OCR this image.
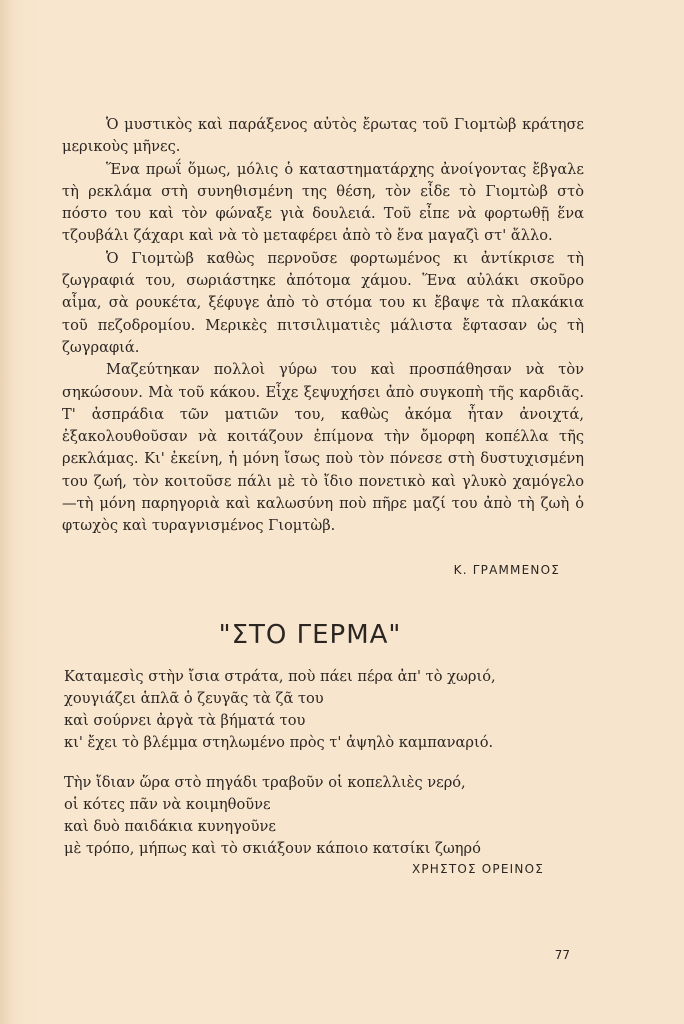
Ὁ μυστικὸς καὶ παράξενος αὐτὸς ἔρωτας τοῦ Γιομτὼβ κράτησε μερικοὺς μῆνες.

Ἕνα πρωΐ ὅμως, μόλις ὁ καταστηματάρχης ἀνοίγοντας ἔβγαλε τὴ ρεκλάμα στὴ συνηθισμένη της θέση, τὸν εἶδε τὸ Γιομτὼβ στὸ πόστο του καὶ τὸν φώναξε γιὰ δουλειά. Τοῦ εἶπε νὰ φορτωθῇ ἕνα τζουβάλι ζάχαρι καὶ νὰ τὸ μεταφέρει ἀπὸ τὸ ἕνα μαγαζὶ στ' ἄλλο.

Ὁ Γιομτὼβ καθὼς περνοῦσε φορτωμένος κι ἀντίκρισε τὴ ζωγραφιά του, σωριάστηκε ἀπότομα χάμου. Ἕνα αὐλάκι σκοῦρο αἷμα, σὰ ρουκέτα, ξέφυγε ἀπὸ τὸ στόμα του κι ἔβαψε τὰ πλακάκια τοῦ πεζοδρομίου. Μερικὲς πιτσιλιματιὲς μάλιστα ἔφτασαν ὡς τὴ ζωγραφιά.

Μαζεύτηκαν πολλοὶ γύρω του καὶ προσπάθησαν νὰ τὸν σηκώσουν. Μὰ τοῦ κάκου. Εἶχε ξεψυχήσει ἀπὸ συγκοπὴ τῆς καρδιᾶς. Τ' ἀσπράδια τῶν ματιῶν του, καθὼς ἀκόμα ἦταν ἀνοιχτά, ἐξακολουθοῦσαν νὰ κοιτάζουν ἐπίμονα τὴν ὄμορφη κοπέλλα τῆς ρεκλάμας. Κι' ἐκείνη, ἡ μόνη ἴσως ποὺ τὸν πόνεσε στὴ δυστυχισμένη του ζωή, τὸν κοιτοῦσε πάλι μὲ τὸ ἴδιο πονετικὸ καὶ γλυκὸ χαμόγελο—τὴ μόνη παρηγοριὰ καὶ καλωσύνη ποὺ πῆρε μαζί του ἀπὸ τὴ ζωὴ ὁ φτωχὸς καὶ τυραγνισμένος Γιομτὼβ.

Κ. ΓΡΑΜΜΕΝΟΣ
"ΣΤΟ ΓΕΡΜΑ"
Καταμεσὶς στὴν ἴσια στράτα, ποὺ πάει πέρα ἀπ' τὸ χωριό,
χουγιάζει ἁπλᾶ ὁ ζευγᾶς τὰ ζᾶ του
καὶ σούρνει ἀργὰ τὰ βήματά του
κι' ἔχει τὸ βλέμμα στηλωμένο πρὸς τ' ἀψηλὸ καμπαναριό.
Τὴν ἴδιαν ὥρα στὸ πηγάδι τραβοῦν οἱ κοπελλιὲς νερό,
οἱ κότες πᾶν νὰ κοιμηθοῦνε
καὶ δυὸ παιδάκια κυνηγοῦνε
μὲ τρόπο, μήπως καὶ τὸ σκιάξουν κάποιο κατσίκι ζωηρό
ΧΡΗΣΤΟΣ ΟΡΕΙΝΟΣ
77
